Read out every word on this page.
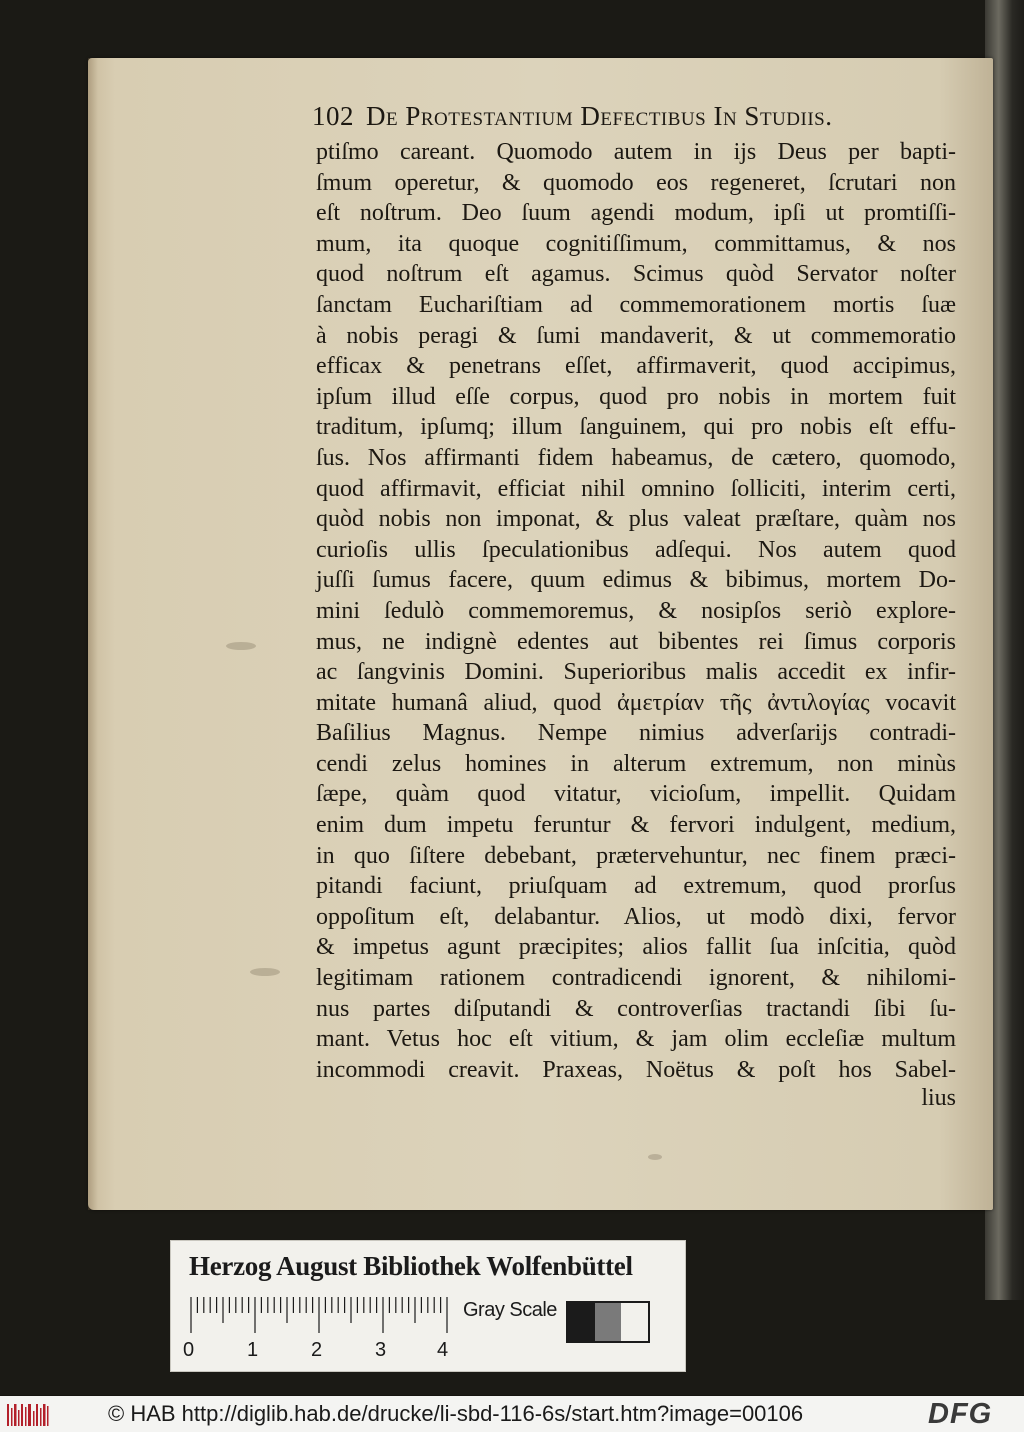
102 De Protestantium Defectibus In Studiis.
ptiſmo careant. Quomodo autem in ijs Deus per bapti-
ſmum operetur, & quomodo eos regeneret, ſcrutari non
eſt noſtrum. Deo ſuum agendi modum, ipſi ut promtiſſi-
mum, ita quoque cognitiſſimum, committamus, & nos
quod noſtrum eſt agamus. Scimus quòd Servator noſter
ſanctam Euchariſtiam ad commemorationem mortis ſuæ
à nobis peragi & ſumi mandaverit, & ut commemoratio
efficax & penetrans eſſet, affirmaverit, quod accipimus,
ipſum illud eſſe corpus, quod pro nobis in mortem fuit
traditum, ipſumq; illum ſanguinem, qui pro nobis eſt effu-
ſus. Nos affirmanti fidem habeamus, de cætero, quomodo,
quod affirmavit, efficiat nihil omnino ſolliciti, interim certi,
quòd nobis non imponat, & plus valeat præſtare, quàm nos
curioſis ullis ſpeculationibus adſequi. Nos autem quod
juſſi ſumus facere, quum edimus & bibimus, mortem Do-
mini ſedulò commemoremus, & nosipſos seriò explore-
mus, ne indignè edentes aut bibentes rei ſimus corporis
ac ſangvinis Domini. Superioribus malis accedit ex infir-
mitate humanâ aliud, quod ἀμετρίαν τῆς ἀντιλογίας vocavit
Baſilius Magnus. Nempe nimius adverſarijs contradi-
cendi zelus homines in alterum extremum, non minùs
ſæpe, quàm quod vitatur, vicioſum, impellit. Quidam
enim dum impetu feruntur & fervori indulgent, medium,
in quo ſiſtere debebant, prætervehuntur, nec finem præci-
pitandi faciunt, priuſquam ad extremum, quod prorſus
oppoſitum eſt, delabantur. Alios, ut modò dixi, fervor
& impetus agunt præcipites; alios fallit ſua inſcitia, quòd
legitimam rationem contradicendi ignorent, & nihilomi-
nus partes diſputandi & controverſias tractandi ſibi ſu-
mant. Vetus hoc eſt vitium, & jam olim eccleſiæ multum
incommodi creavit. Praxeas, Noëtus & poſt hos Sabel-
lius
Herzog August Bibliothek Wolfenbüttel
0	1	2	3	4
Gray Scale
© HAB http://diglib.hab.de/drucke/li-sbd-116-6s/start.htm?image=00106	DFG
